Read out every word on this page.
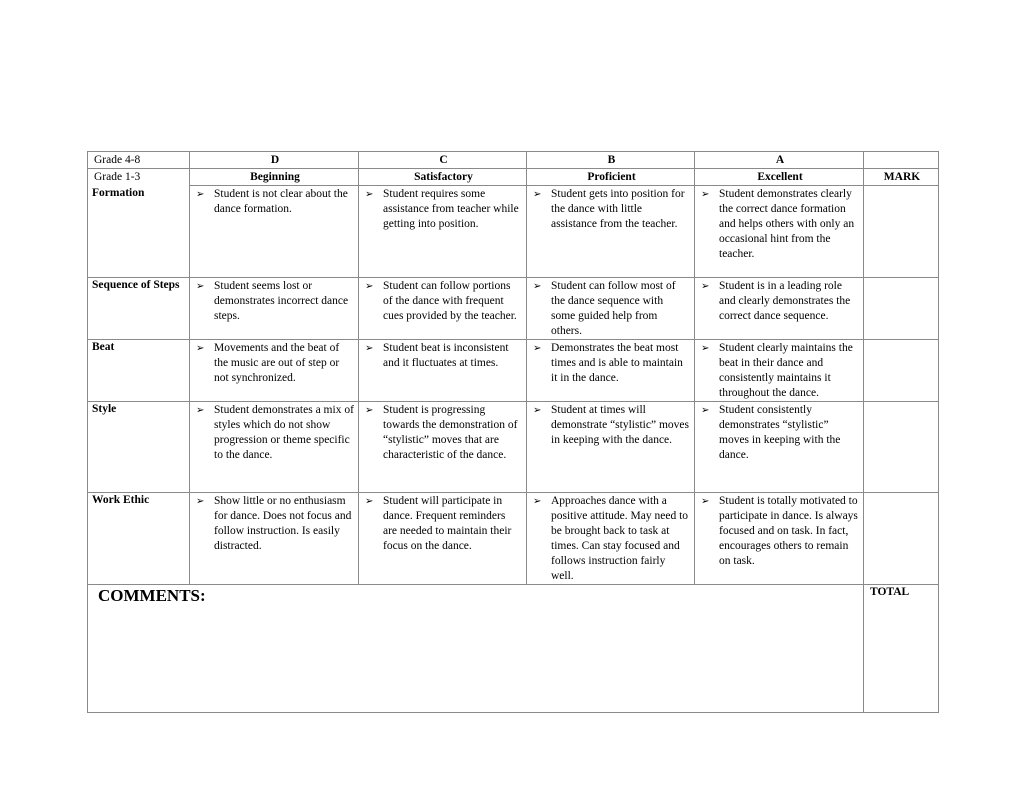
Grade 4-8	D	C	B	A	
Grade 1-3	Beginning	Satisfactory	Proficient	Excellent	MARK
Formation	➢ Student is not clear about the dance formation.	➢ Student requires some assistance from teacher while getting into position.	➢ Student gets into position for the dance with little assistance from the teacher.	➢ Student demonstrates clearly the correct dance formation and helps others with only an occasional hint from the teacher.	

Sequence of Steps	➢ Student seems lost or demonstrates incorrect dance steps.	➢ Student can follow portions of the dance with frequent cues provided by the teacher.	➢ Student can follow most of the dance sequence with some guided help from others.	➢ Student is in a leading role and clearly demonstrates the correct dance sequence.	

Beat	➢ Movements and the beat of the music are out of step or not synchronized.	➢ Student beat is inconsistent and it fluctuates at times.	➢ Demonstrates the beat most times and is able to maintain it in the dance.	➢ Student clearly maintains the beat in their dance and consistently maintains it throughout the dance.	

Style	➢ Student demonstrates a mix of styles which do not show progression or theme specific to the dance.	➢ Student is progressing towards the demonstration of “stylistic” moves that are characteristic of the dance.	➢ Student at times will demonstrate “stylistic” moves in keeping with the dance.	➢ Student consistently demonstrates “stylistic” moves in keeping with the dance.	

Work Ethic	➢ Show little or no enthusiasm for dance. Does not focus and follow instruction. Is easily distracted.	➢ Student will participate in dance. Frequent reminders are needed to maintain their focus on the dance.	➢ Approaches dance with a positive attitude. May need to be brought back to task at times. Can stay focused and follows instruction fairly well.	➢ Student is totally motivated to participate in dance. Is always focused and on task. In fact, encourages others to remain on task.	

COMMENTS:					TOTAL
